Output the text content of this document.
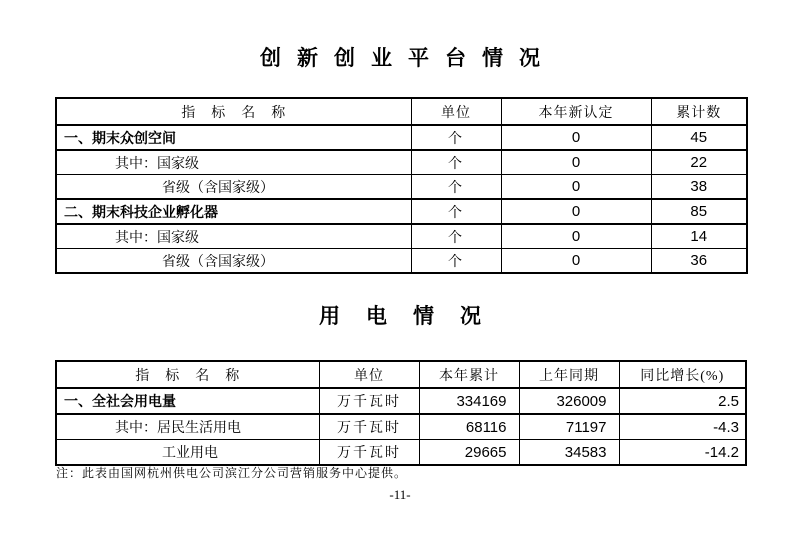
创新创业平台情况
指　标　名　称	单位	本年新认定	累计数
一、期末众创空间	个	0	45
其中：国家级	个	0	22
省级（含国家级）	个	0	38
二、期末科技企业孵化器	个	0	85
其中：国家级	个	0	14
省级（含国家级）	个	0	36
用电情况
指　标　名　称	单位	本年累计	上年同期	同比增长(%)
一、全社会用电量	万千瓦时	334169	326009	2.5
其中：居民生活用电	万千瓦时	68116	71197	-4.3
工业用电	万千瓦时	29665	34583	-14.2
注：此表由国网杭州供电公司滨江分公司营销服务中心提供。
-11-
